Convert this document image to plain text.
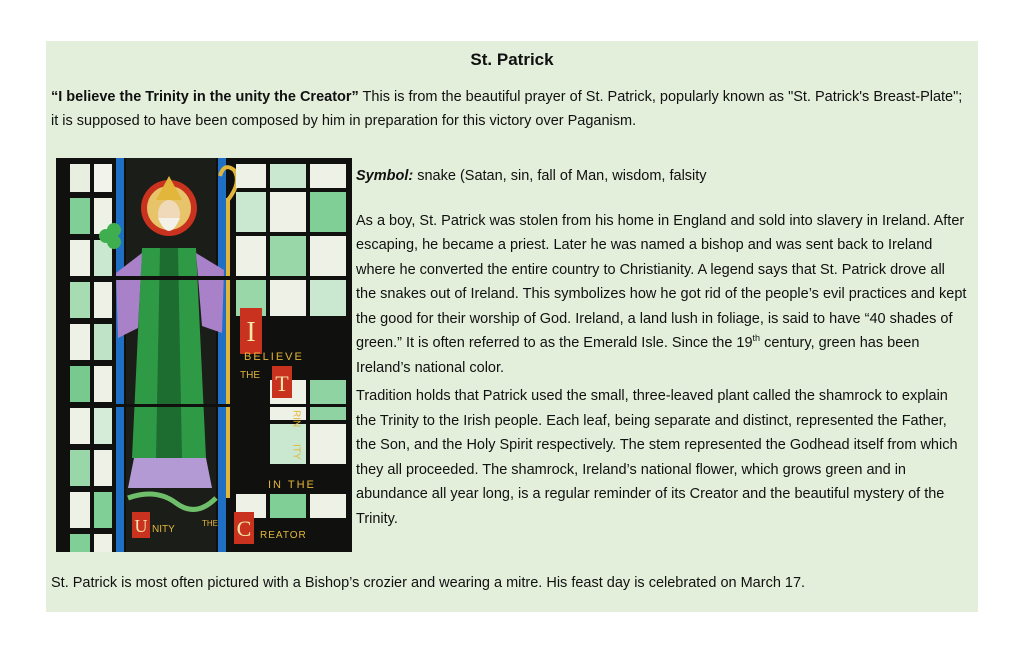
St. Patrick
“I believe the Trinity in the unity the Creator” This is from the beautiful prayer of St. Patrick, popularly known as "St. Patrick's Breast-Plate"; it is supposed to have been composed by him in preparation for this victory over Paganism.
I
BELIEVE
THE T
RIN
ITY
IN THE
U NITY
THE C REATOR

Symbol: snake (Satan, sin, fall of Man, wisdom, falsity

As a boy, St. Patrick was stolen from his home in England and sold into slavery in Ireland. After escaping, he became a priest. Later he was named a bishop and was sent back to Ireland where he converted the entire country to Christianity. A legend says that St. Patrick drove all the snakes out of Ireland. This symbolizes how he got rid of the people’s evil practices and kept the good for their worship of God. Ireland, a land lush in foliage, is said to have “40 shades of green.” It is often referred to as the Emerald Isle. Since the 19th century, green has been Ireland’s national color.

Tradition holds that Patrick used the small, three-leaved plant called the shamrock to explain the Trinity to the Irish people. Each leaf, being separate and distinct, represented the Father, the Son, and the Holy Spirit respectively. The stem represented the Godhead itself from which they all proceeded. The shamrock, Ireland’s national flower, which grows green and in abundance all year long, is a regular reminder of its Creator and the beautiful mystery of the Trinity.

St. Patrick is most often pictured with a Bishop’s crozier and wearing a mitre. His feast day is celebrated on March 17.
